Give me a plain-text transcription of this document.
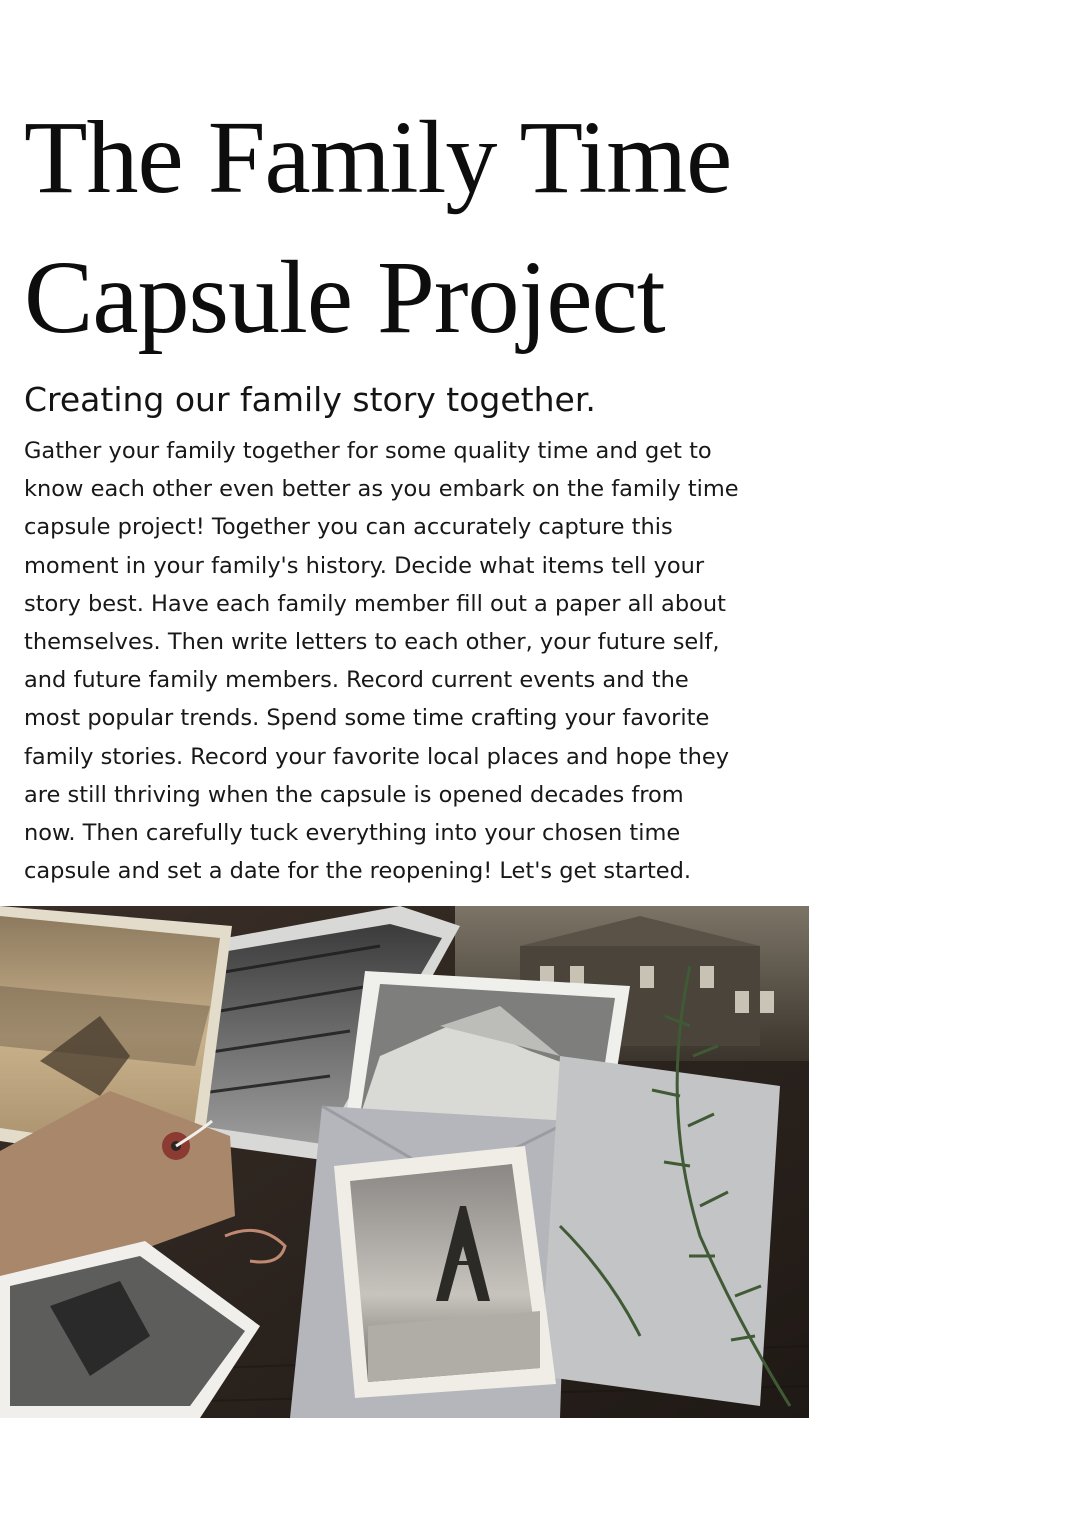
The Family Time
Capsule Project
Creating our family story together.

Gather your family together for some quality time and get to
know each other even better as you embark on the family time
capsule project! Together you can accurately capture this
moment in your family's history. Decide what items tell your
story best. Have each family member fill out a paper all about
themselves. Then write letters to each other, your future self,
and future family members. Record current events and the
most popular trends. Spend some time crafting your favorite
family stories. Record your favorite local places and hope they
are still thriving when the capsule is opened decades from
now. Then carefully tuck everything into your chosen time
capsule and set a date for the reopening! Let's get started.
